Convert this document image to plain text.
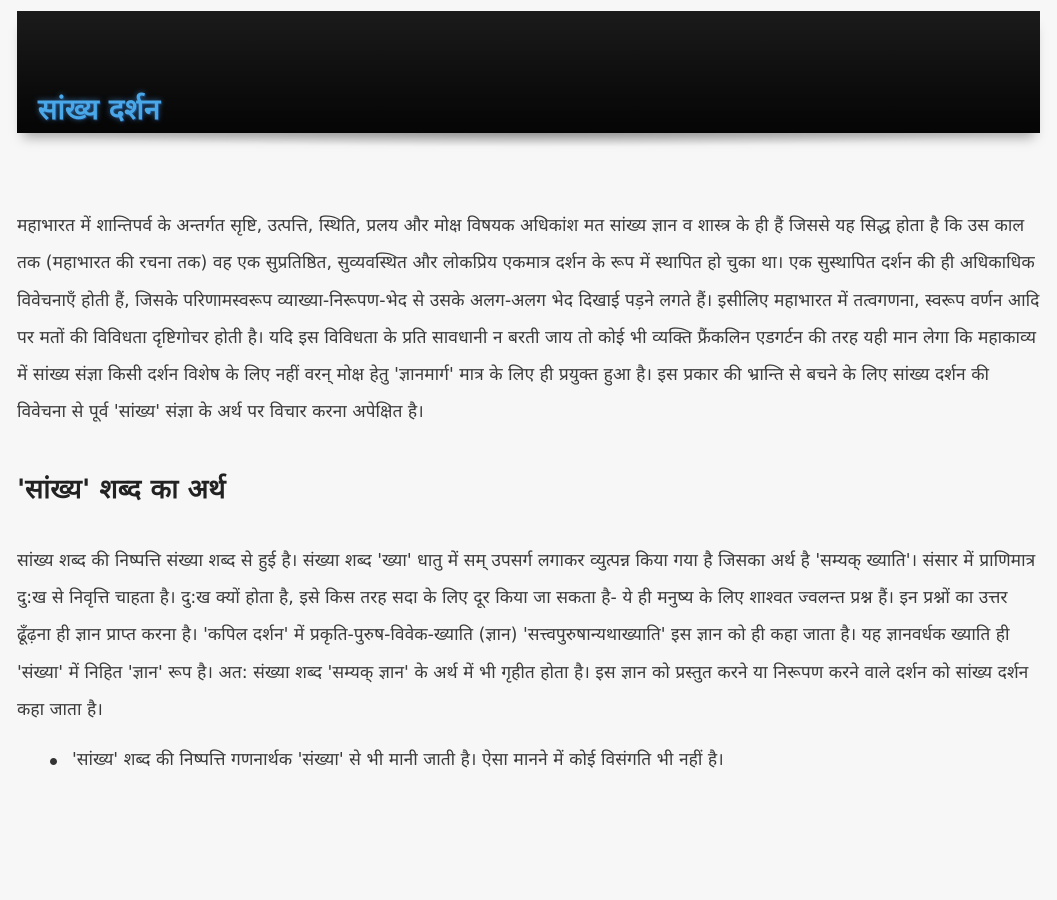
सांख्य दर्शन

महाभारत में शान्तिपर्व के अन्तर्गत सृष्टि, उत्पत्ति, स्थिति, प्रलय और मोक्ष विषयक अधिकांश मत सांख्य ज्ञान व शास्त्र के ही हैं जिससे यह सिद्ध होता है कि उस काल तक (महाभारत की रचना तक) वह एक सुप्रतिष्ठित, सुव्यवस्थित और लोकप्रिय एकमात्र दर्शन के रूप में स्थापित हो चुका था। एक सुस्थापित दर्शन की ही अधिकाधिक विवेचनाएँ होती हैं, जिसके परिणामस्वरूप व्याख्या-निरूपण-भेद से उसके अलग-अलग भेद दिखाई पड़ने लगते हैं। इसीलिए महाभारत में तत्वगणना, स्वरूप वर्णन आदि पर मतों की विविधता दृष्टिगोचर होती है। यदि इस विविधता के प्रति सावधानी न बरती जाय तो कोई भी व्यक्ति फ्रैंकलिन एडगर्टन की तरह यही मान लेगा कि महाकाव्य में सांख्य संज्ञा किसी दर्शन विशेष के लिए नहीं वरन् मोक्ष हेतु 'ज्ञानमार्ग' मात्र के लिए ही प्रयुक्त हुआ है। इस प्रकार की भ्रान्ति से बचने के लिए सांख्य दर्शन की विवेचना से पूर्व 'सांख्य' संज्ञा के अर्थ पर विचार करना अपेक्षित है।

'सांख्य' शब्द का अर्थ

सांख्य शब्द की निष्पत्ति संख्या शब्द से हुई है। संख्या शब्द 'ख्या' धातु में सम् उपसर्ग लगाकर व्युत्पन्न किया गया है जिसका अर्थ है 'सम्यक् ख्याति'। संसार में प्राणिमात्र दु:ख से निवृत्ति चाहता है। दु:ख क्यों होता है, इसे किस तरह सदा के लिए दूर किया जा सकता है- ये ही मनुष्य के लिए शाश्वत ज्वलन्त प्रश्न हैं। इन प्रश्नों का उत्तर ढूँढ़ना ही ज्ञान प्राप्त करना है। 'कपिल दर्शन' में प्रकृति-पुरुष-विवेक-ख्याति (ज्ञान) 'सत्त्वपुरुषान्यथाख्याति' इस ज्ञान को ही कहा जाता है। यह ज्ञानवर्धक ख्याति ही 'संख्या' में निहित 'ज्ञान' रूप है। अत: संख्या शब्द 'सम्यक् ज्ञान' के अर्थ में भी गृहीत होता है। इस ज्ञान को प्रस्तुत करने या निरूपण करने वाले दर्शन को सांख्य दर्शन कहा जाता है।

'सांख्य' शब्द की निष्पत्ति गणनार्थक 'संख्या' से भी मानी जाती है। ऐसा मानने में कोई विसंगति भी नहीं है।
